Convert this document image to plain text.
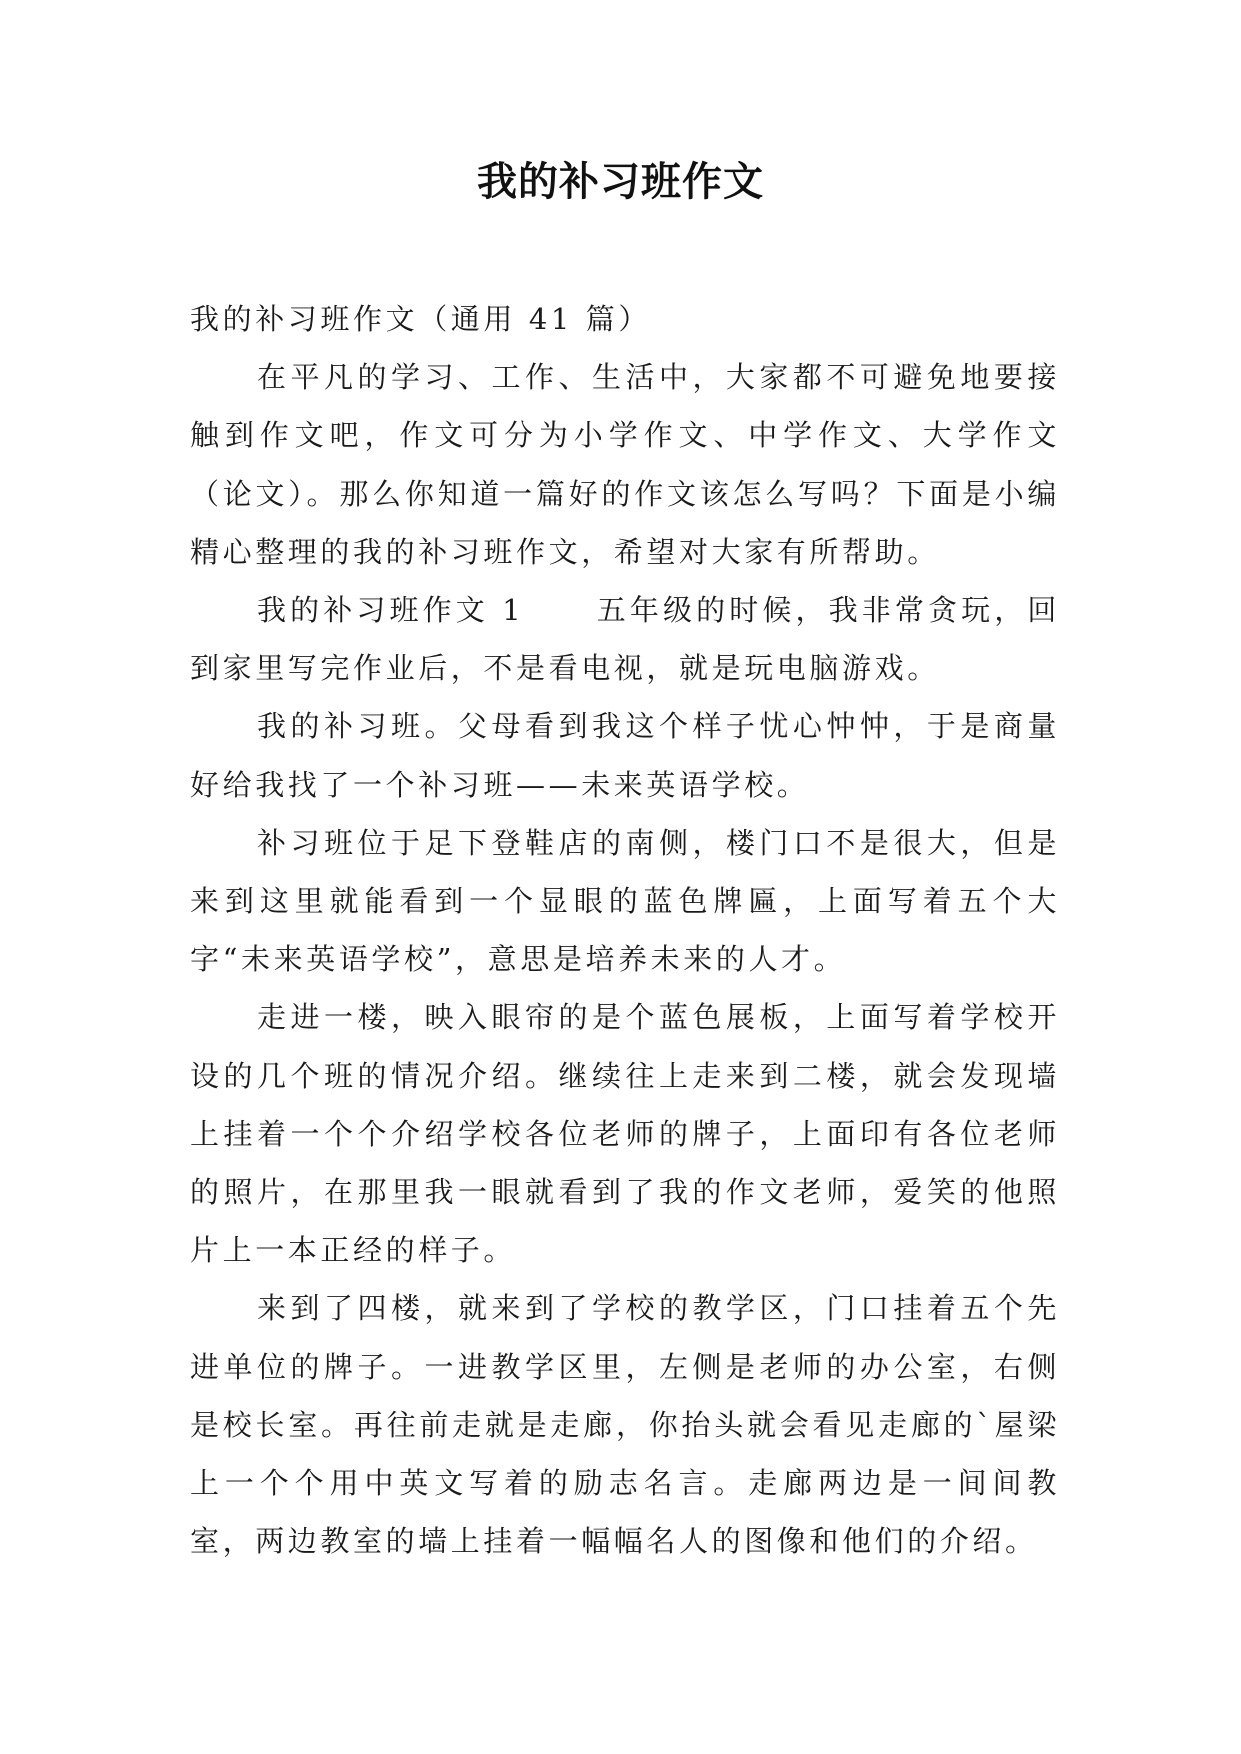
我的补习班作文

我的补习班作文（通用 41 篇）

在平凡的学习、工作、生活中，大家都不可避免地要接触到作文吧，作文可分为小学作文、中学作文、大学作文（论文）。那么你知道一篇好的作文该怎么写吗？下面是小编精心整理的我的补习班作文，希望对大家有所帮助。

我的补习班作文 1 五年级的时候，我非常贪玩，回到家里写完作业后，不是看电视，就是玩电脑游戏。

我的补习班。父母看到我这个样子忧心忡忡，于是商量好给我找了一个补习班——未来英语学校。

补习班位于足下登鞋店的南侧，楼门口不是很大，但是来到这里就能看到一个显眼的蓝色牌匾，上面写着五个大字“未来英语学校”，意思是培养未来的人才。

走进一楼，映入眼帘的是个蓝色展板，上面写着学校开设的几个班的情况介绍。继续往上走来到二楼，就会发现墙上挂着一个个介绍学校各位老师的牌子，上面印有各位老师的照片，在那里我一眼就看到了我的作文老师，爱笑的他照片上一本正经的样子。

来到了四楼，就来到了学校的教学区，门口挂着五个先进单位的牌子。一进教学区里，左侧是老师的办公室，右侧是校长室。再往前走就是走廊，你抬头就会看见走廊的`屋梁上一个个用中英文写着的励志名言。走廊两边是一间间教室，两边教室的墙上挂着一幅幅名人的图像和他们的介绍。
